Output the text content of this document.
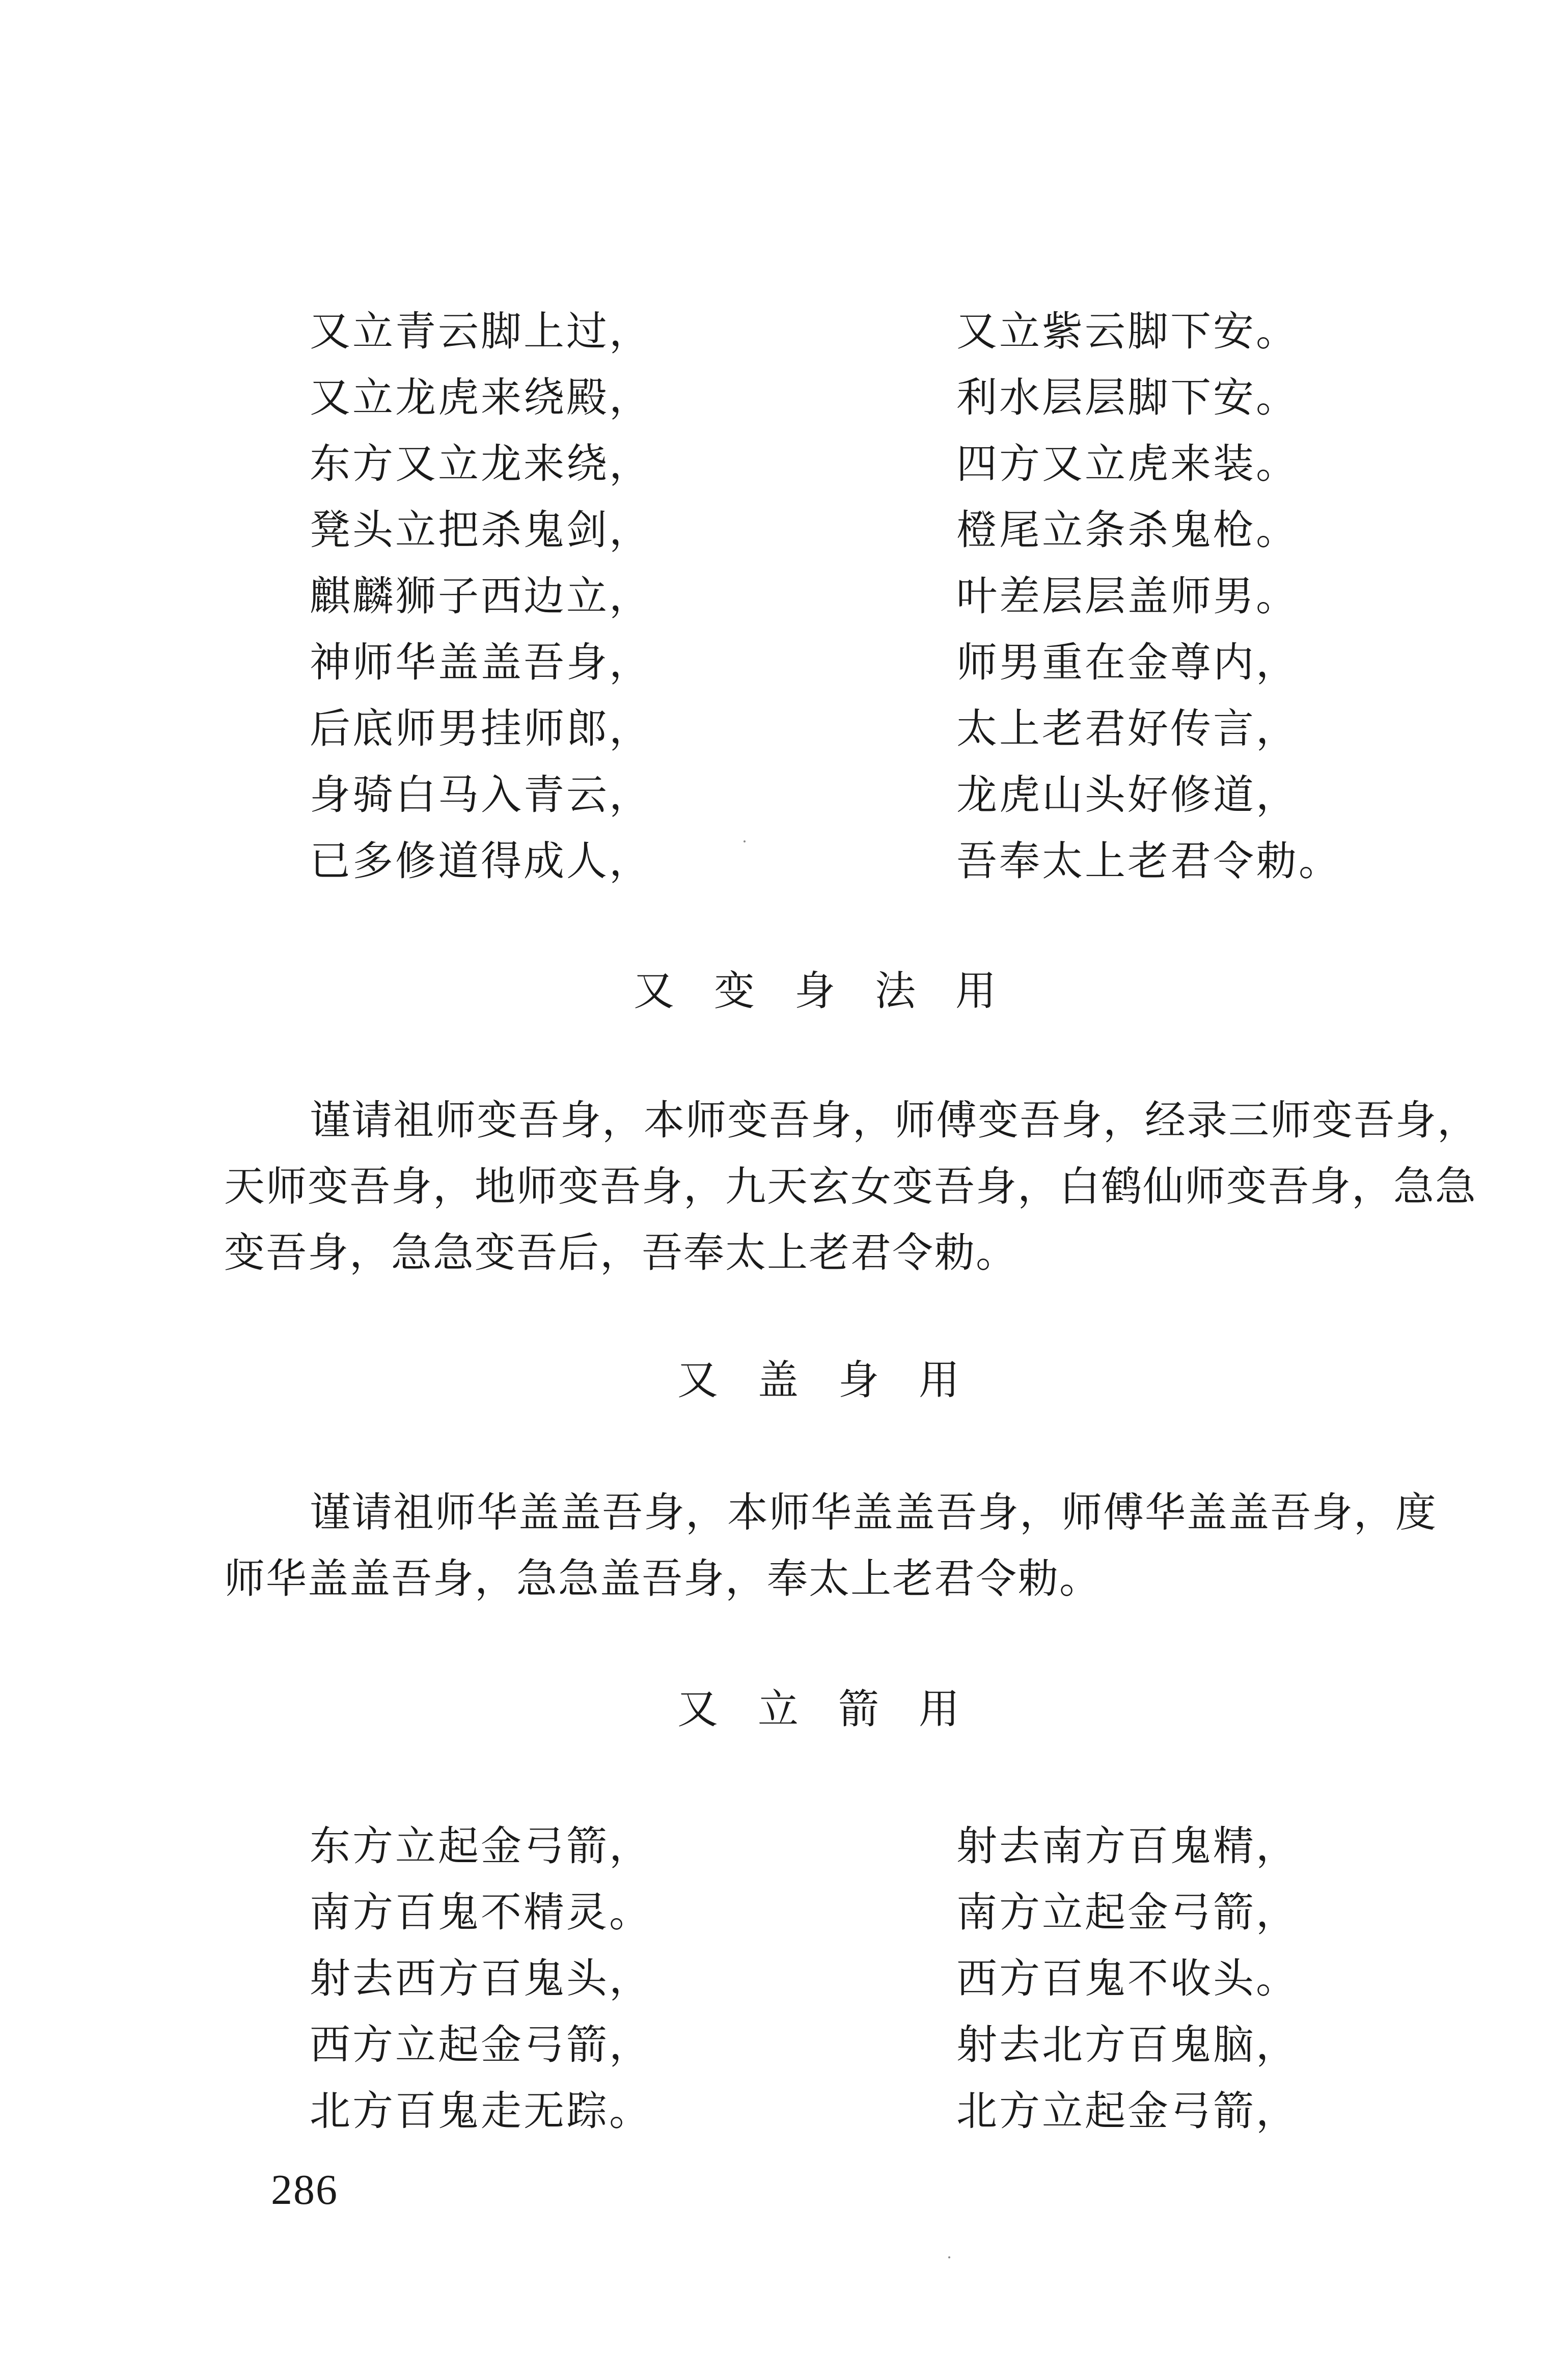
又立青云脚上过，	又立紫云脚下安。
又立龙虎来绕殿，	利水层层脚下安。
东方又立龙来绕，	四方又立虎来装。
凳头立把杀鬼剑，	橙尾立条杀鬼枪。
麒麟狮子西边立，	叶差层层盖师男。
神师华盖盖吾身，	师男重在金尊内，
后底师男挂师郎，	太上老君好传言，
身骑白马入青云，	龙虎山头好修道，
已多修道得成人，	吾奉太上老君令勅。
又变身法用

谨请祖师变吾身，本师变吾身，师傅变吾身，经录三师变吾身，
天师变吾身，地师变吾身，九天玄女变吾身，白鹤仙师变吾身，急急
变吾身，急急变吾后，吾奉太上老君令勅。

又盖身用

谨请祖师华盖盖吾身，本师华盖盖吾身，师傅华盖盖吾身，度
师华盖盖吾身，急急盖吾身，奉太上老君令勅。

又立箭用
东方立起金弓箭，	射去南方百鬼精，
南方百鬼不精灵。	南方立起金弓箭，
射去西方百鬼头，	西方百鬼不收头。
西方立起金弓箭，	射去北方百鬼脑，
北方百鬼走无踪。	北方立起金弓箭，
286
